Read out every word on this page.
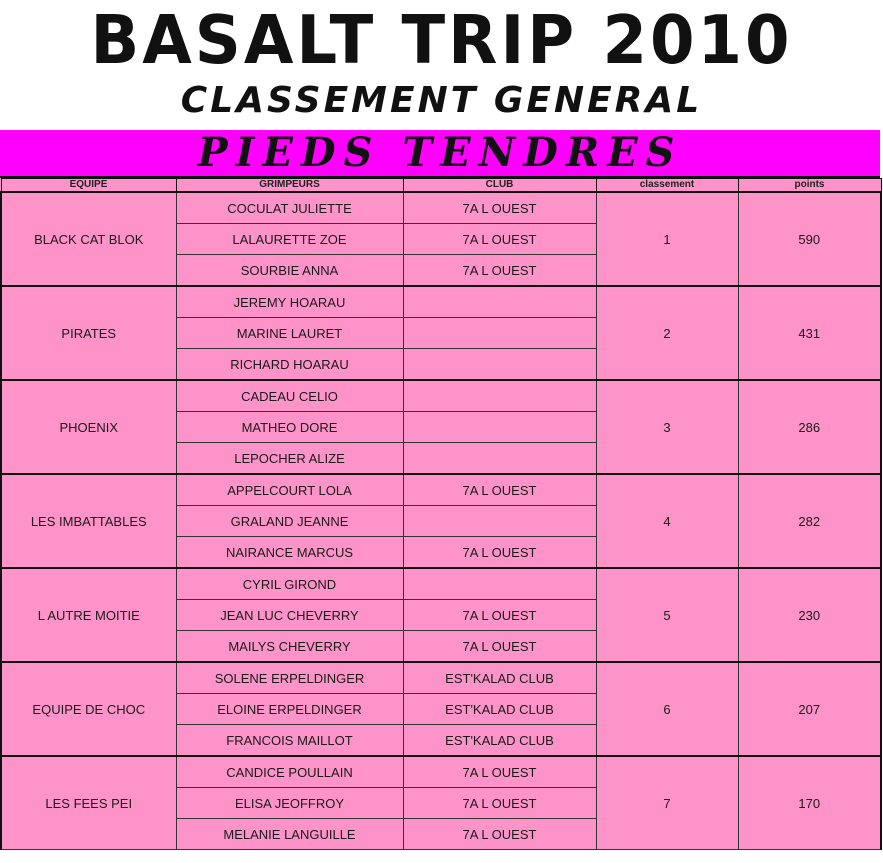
BASALT TRIP 2010
CLASSEMENT GENERAL
PIEDS TENDRES
EQUIPE	GRIMPEURS	CLUB	classement	points
BLACK CAT BLOK	COCULAT JULIETTE	7A L OUEST	1	590
	LALAURETTE ZOE	7A L OUEST		
	SOURBIE ANNA	7A L OUEST		
PIRATES	JEREMY HOARAU		2	431
	MARINE LAURET			
	RICHARD HOARAU			
PHOENIX	CADEAU CELIO		3	286
	MATHEO DORE			
	LEPOCHER ALIZE			
LES IMBATTABLES	APPELCOURT LOLA	7A L OUEST	4	282
	GRALAND JEANNE			
	NAIRANCE MARCUS	7A L OUEST		
L AUTRE MOITIE	CYRIL GIROND		5	230
	JEAN LUC CHEVERRY	7A L OUEST		
	MAILYS CHEVERRY	7A L OUEST		
EQUIPE DE CHOC	SOLENE ERPELDINGER	EST'KALAD CLUB	6	207
	ELOINE ERPELDINGER	EST'KALAD CLUB		
	FRANCOIS MAILLOT	EST'KALAD CLUB		
LES FEES PEI	CANDICE POULLAIN	7A L OUEST	7	170
	ELISA JEOFFROY	7A L OUEST		
	MELANIE LANGUILLE	7A L OUEST		
